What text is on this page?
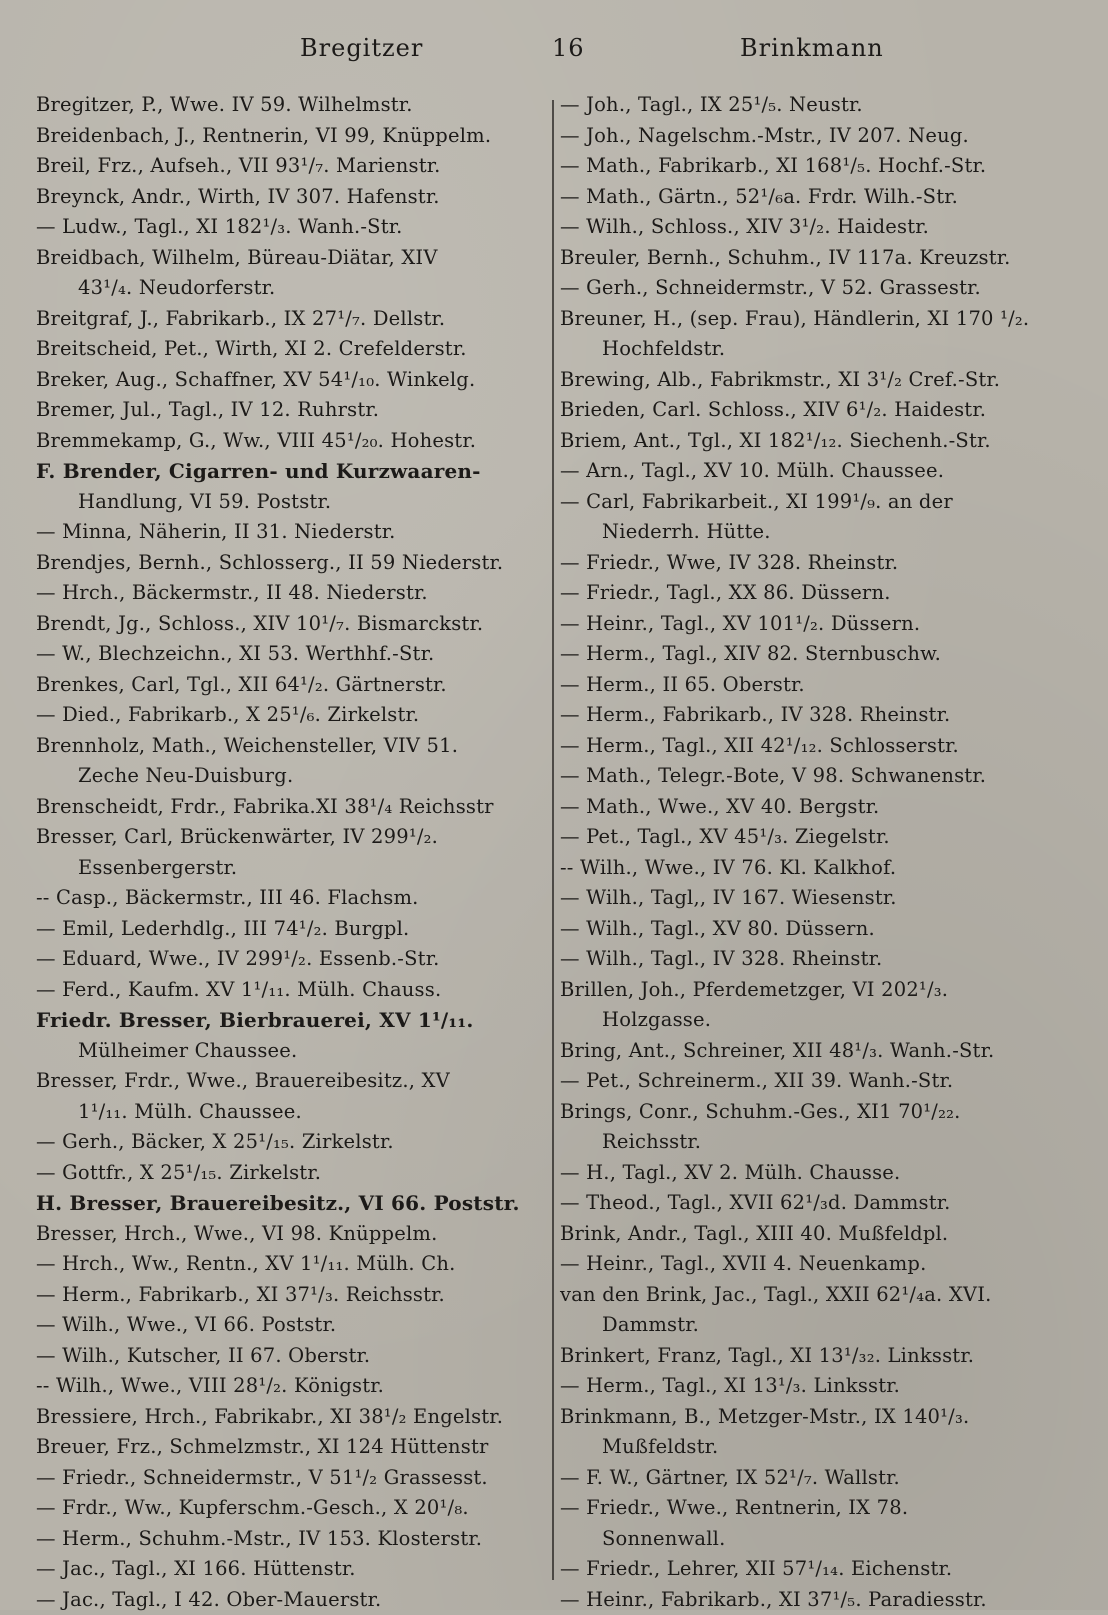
Bregitzer	16	Brinkmann
Bregitzer, P., Wwe. IV 59. Wilhelmstr.
Breidenbach, J., Rentnerin, VI 99, Knüppelm.
Breil, Frz., Aufseh., VII 93¹/₇. Marienstr.
Breynck, Andr., Wirth, IV 307. Hafenstr.
— Ludw., Tagl., XI 182¹/₃. Wanh.-Str.
Breidbach, Wilhelm, Büreau-Diätar, XIV
43¹/₄. Neudorferstr.
Breitgraf, J., Fabrikarb., IX 27¹/₇. Dellstr.
Breitscheid, Pet., Wirth, XI 2. Crefelderstr.
Breker, Aug., Schaffner, XV 54¹/₁₀. Winkelg.
Bremer, Jul., Tagl., IV 12. Ruhrstr.
Bremmekamp, G., Ww., VIII 45¹/₂₀. Hohestr.
F. Brender, Cigarren- und Kurzwaaren-
Handlung, VI 59. Poststr.
— Minna, Näherin, II 31. Niederstr.
Brendjes, Bernh., Schlosserg., II 59 Niederstr.
— Hrch., Bäckermstr., II 48. Niederstr.
Brendt, Jg., Schloss., XIV 10¹/₇. Bismarckstr.
— W., Blechzeichn., XI 53. Werthhf.-Str.
Brenkes, Carl, Tgl., XII 64¹/₂. Gärtnerstr.
— Died., Fabrikarb., X 25¹/₆. Zirkelstr.
Brennholz, Math., Weichensteller, VIV 51.
Zeche Neu-Duisburg.
Brenscheidt, Frdr., Fabrika.XI 38¹/₄ Reichsstr
Bresser, Carl, Brückenwärter, IV 299¹/₂.
Essenbergerstr.
-- Casp., Bäckermstr., III 46. Flachsm.
— Emil, Lederhdlg., III 74¹/₂. Burgpl.
— Eduard, Wwe., IV 299¹/₂. Essenb.-Str.
— Ferd., Kaufm. XV 1¹/₁₁. Mülh. Chauss.
Friedr. Bresser, Bierbrauerei, XV 1¹/₁₁.
Mülheimer Chaussee.
Bresser, Frdr., Wwe., Brauereibesitz., XV
1¹/₁₁. Mülh. Chaussee.
— Gerh., Bäcker, X 25¹/₁₅. Zirkelstr.
— Gottfr., X 25¹/₁₅. Zirkelstr.
H. Bresser, Brauereibesitz., VI 66. Poststr.
Bresser, Hrch., Wwe., VI 98. Knüppelm.
— Hrch., Ww., Rentn., XV 1¹/₁₁. Mülh. Ch.
— Herm., Fabrikarb., XI 37¹/₃. Reichsstr.
— Wilh., Wwe., VI 66. Poststr.
— Wilh., Kutscher, II 67. Oberstr.
-- Wilh., Wwe., VIII 28¹/₂. Königstr.
Bressiere, Hrch., Fabrikabr., XI 38¹/₂ Engelstr.
Breuer, Frz., Schmelzmstr., XI 124 Hüttenstr
— Friedr., Schneidermstr., V 51¹/₂ Grassesst.
— Frdr., Ww., Kupferschm.-Gesch., X 20¹/₈.
— Herm., Schuhm.-Mstr., IV 153. Klosterstr.
— Jac., Tagl., XI 166. Hüttenstr.
— Jac., Tagl., I 42. Ober-Mauerstr.
— Joh., Tagl., IX 25¹/₅. Neustr.
— Joh., Nagelschm.-Mstr., IV 207. Neug.
— Math., Fabrikarb., XI 168¹/₅. Hochf.-Str.
— Math., Gärtn., 52¹/₆a. Frdr. Wilh.-Str.
— Wilh., Schloss., XIV 3¹/₂. Haidestr.
Breuler, Bernh., Schuhm., IV 117a. Kreuzstr.
— Gerh., Schneidermstr., V 52. Grassestr.
Breuner, H., (sep. Frau), Händlerin, XI 170 ¹/₂.
Hochfeldstr.
Brewing, Alb., Fabrikmstr., XI 3¹/₂ Cref.-Str.
Brieden, Carl. Schloss., XIV 6¹/₂. Haidestr.
Briem, Ant., Tgl., XI 182¹/₁₂. Siechenh.-Str.
— Arn., Tagl., XV 10. Mülh. Chaussee.
— Carl, Fabrikarbeit., XI 199¹/₉. an der
Niederrh. Hütte.
— Friedr., Wwe, IV 328. Rheinstr.
— Friedr., Tagl., XX 86. Düssern.
— Heinr., Tagl., XV 101¹/₂. Düssern.
— Herm., Tagl., XIV 82. Sternbuschw.
— Herm., II 65. Oberstr.
— Herm., Fabrikarb., IV 328. Rheinstr.
— Herm., Tagl., XII 42¹/₁₂. Schlosserstr.
— Math., Telegr.-Bote, V 98. Schwanenstr.
— Math., Wwe., XV 40. Bergstr.
— Pet., Tagl., XV 45¹/₃. Ziegelstr.
-- Wilh., Wwe., IV 76. Kl. Kalkhof.
— Wilh., Tagl,, IV 167. Wiesenstr.
— Wilh., Tagl., XV 80. Düssern.
— Wilh., Tagl., IV 328. Rheinstr.
Brillen, Joh., Pferdemetzger, VI 202¹/₃.
Holzgasse.
Bring, Ant., Schreiner, XII 48¹/₃. Wanh.-Str.
— Pet., Schreinerm., XII 39. Wanh.-Str.
Brings, Conr., Schuhm.-Ges., XI1 70¹/₂₂.
Reichsstr.
— H., Tagl., XV 2. Mülh. Chausse.
— Theod., Tagl., XVII 62¹/₃d. Dammstr.
Brink, Andr., Tagl., XIII 40. Mußfeldpl.
— Heinr., Tagl., XVII 4. Neuenkamp.
van den Brink, Jac., Tagl., XXII 62¹/₄a. XVI.
Dammstr.
Brinkert, Franz, Tagl., XI 13¹/₃₂. Linksstr.
— Herm., Tagl., XI 13¹/₃. Linksstr.
Brinkmann, B., Metzger-Mstr., IX 140¹/₃.
Mußfeldstr.
— F. W., Gärtner, IX 52¹/₇. Wallstr.
— Friedr., Wwe., Rentnerin, IX 78.
Sonnenwall.
— Friedr., Lehrer, XII 57¹/₁₄. Eichenstr.
— Heinr., Fabrikarb., XI 37¹/₅. Paradiesstr.
